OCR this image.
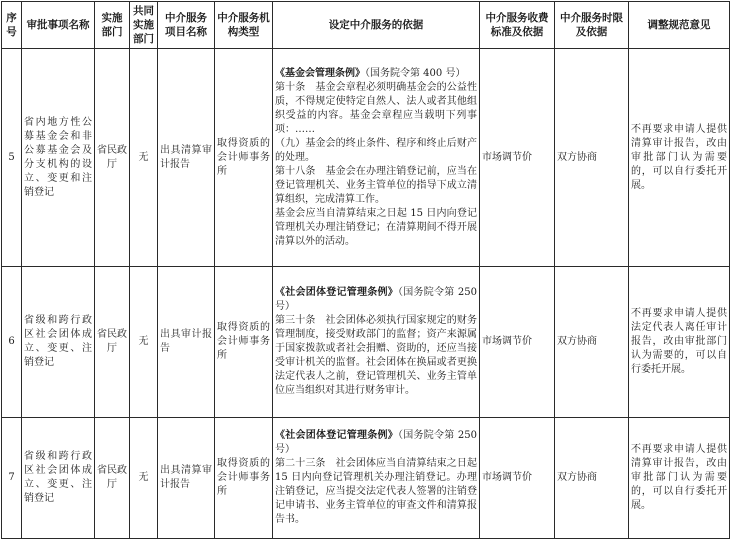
序号	审批事项名称	实施部门	共同实施部门	中介服务项目名称	中介服务机构类型	设定中介服务的依据	中介服务收费标准及依据	中介服务时限及依据	调整规范意见
5	省内地方性公募基金会和非公募基金会及分支机构的设立、变更和注销登记	省民政厅	无	出具清算审计报告	取得资质的会计师事务所	《基金会管理条例》（国务院令第 400 号）
第十条　基金会章程必须明确基金会的公益性质，不得规定使特定自然人、法人或者其他组织受益的内容。基金会章程应当载明下列事项：……
（九）基金会的终止条件、程序和终止后财产的处理。
第十八条　基金会在办理注销登记前，应当在登记管理机关、业务主管单位的指导下成立清算组织，完成清算工作。
基金会应当自清算结束之日起 15 日内向登记管理机关办理注销登记；在清算期间不得开展清算以外的活动。	市场调节价	双方协商	不再要求申请人提供清算审计报告，改由审批部门认为需要的，可以自行委托开展。
6	省级和跨行政区社会团体成立、变更、注销登记	省民政厅	无	出具审计报告	取得资质的会计师事务所	《社会团体登记管理条例》（国务院令第 250 号）
第三十条　社会团体必须执行国家规定的财务管理制度，接受财政部门的监督；资产来源属于国家拨款或者社会捐赠、资助的，还应当接受审计机关的监督。社会团体在换届或者更换法定代表人之前，登记管理机关、业务主管单位应当组织对其进行财务审计。	市场调节价	双方协商	不再要求申请人提供法定代表人离任审计报告，改由审批部门认为需要的，可以自行委托开展。
7	省级和跨行政区社会团体成立、变更、注销登记	省民政厅	无	出具清算审计报告	取得资质的会计师事务所	《社会团体登记管理条例》（国务院令第 250 号）
第二十三条　社会团体应当自清算结束之日起 15 日内向登记管理机关办理注销登记。办理注销登记，应当提交法定代表人签署的注销登记申请书、业务主管单位的审查文件和清算报告书。	市场调节价	双方协商	不再要求申请人提供清算审计报告，改由审批部门认为需要的，可以自行委托开展。
